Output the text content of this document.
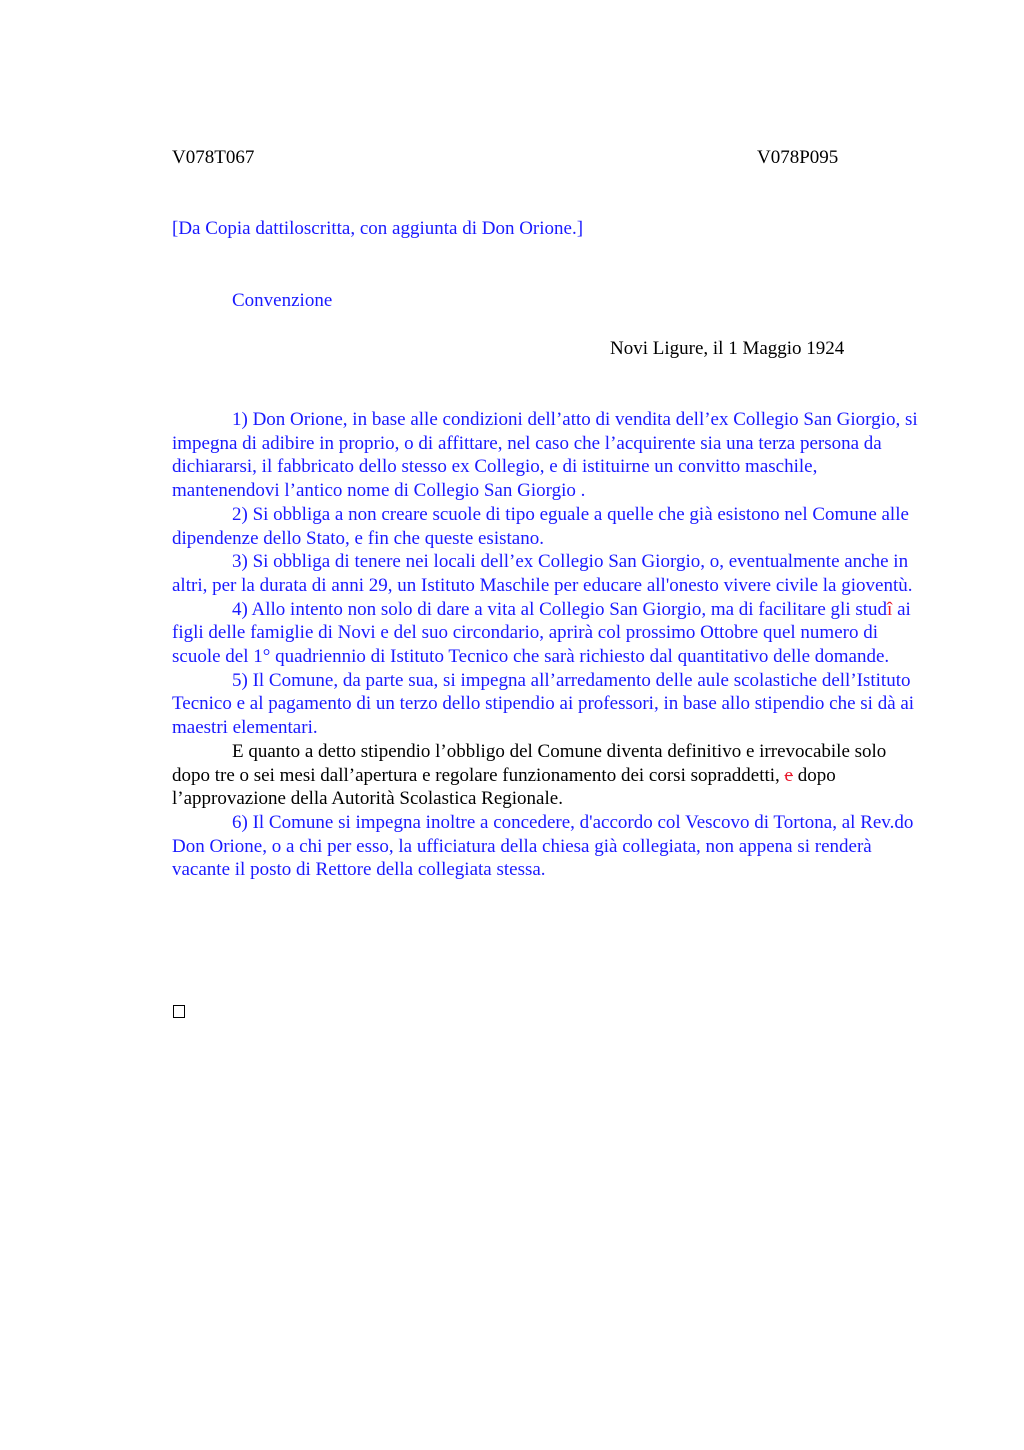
V078T067	V078P095
[Da Copia dattiloscritta, con aggiunta di Don Orione.]
Convenzione
Novi Ligure, il 1 Maggio 1924

1) Don Orione, in base alle condizioni dell’atto di vendita dell’ex Collegio San Giorgio, si impegna di adibire in proprio, o di affittare, nel caso che l’acquirente sia una terza persona da dichiararsi, il fabbricato dello stesso ex Collegio, e di istituirne un convitto maschile, mantenendovi l’antico nome di Collegio San Giorgio .

2) Si obbliga a non creare scuole di tipo eguale a quelle che già esistono nel Comune alle dipendenze dello Stato, e fin che queste esistano.

3) Si obbliga di tenere nei locali dell’ex Collegio San Giorgio, o, eventualmente anche in altri, per la durata di anni 29, un Istituto Maschile per educare all'onesto vivere civile la gioventù.

4) Allo intento non solo di dare a vita al Collegio San Giorgio, ma di facilitare gli studî ai figli delle famiglie di Novi e del suo circondario, aprirà col prossimo Ottobre quel numero di scuole del 1° quadriennio di Istituto Tecnico che sarà richiesto dal quantitativo delle domande.

5) Il Comune, da parte sua, si impegna all’arredamento delle aule scolastiche dell’Istituto Tecnico e al pagamento di un terzo dello stipendio ai professori, in base allo stipendio che si dà ai maestri elementari.

E quanto a detto stipendio l’obbligo del Comune diventa definitivo e irrevocabile solo dopo tre o sei mesi dall’apertura e regolare funzionamento dei corsi sopraddetti, e dopo l’approvazione della Autorità Scolastica Regionale.

6) Il Comune si impegna inoltre a concedere, d'accordo col Vescovo di Tortona, al Rev.do Don Orione, o a chi per esso, la ufficiatura della chiesa già collegiata, non appena si renderà vacante il posto di Rettore della collegiata stessa.
